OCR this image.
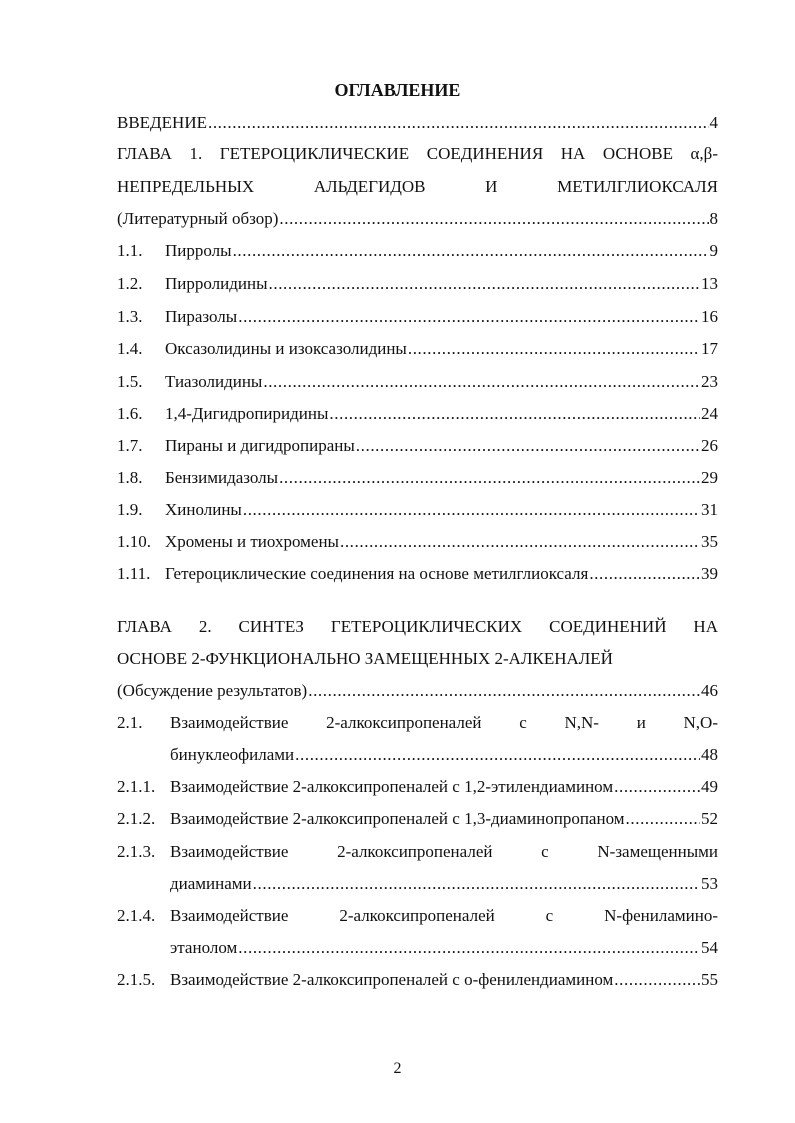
ОГЛАВЛЕНИЕ
ВВЕДЕНИЕ .....	4
ГЛАВА 1. ГЕТЕРОЦИКЛИЧЕСКИЕ СОЕДИНЕНИЯ НА ОСНОВЕ α,β-
НЕПРЕДЕЛЬНЫХ АЛЬДЕГИДОВ И МЕТИЛГЛИОКСАЛЯ
(Литературный обзор) .....	8
1.1.	Пирролы .....	9
1.2.	Пирролидины .....	13
1.3.	Пиразолы .....	16
1.4.	Оксазолидины и изоксазолидины .....	17
1.5.	Тиазолидины .....	23
1.6.	1,4-Дигидропиридины .....	24
1.7.	Пираны и дигидропираны .....	26
1.8.	Бензимидазолы .....	29
1.9.	Хинолины .....	31
1.10. Хромены и тиохромены .....	35
1.11. Гетероциклические соединения на основе метилглиоксаля .....	39
ГЛАВА 2. СИНТЕЗ ГЕТЕРОЦИКЛИЧЕСКИХ СОЕДИНЕНИЙ НА
ОСНОВЕ 2-ФУНКЦИОНАЛЬНО ЗАМЕЩЕННЫХ 2-АЛКЕНАЛЕЙ
(Обсуждение результатов) .....	46
2.1.	Взаимодействие 2-алкоксипропеналей с N,N- и N,O-
бинуклеофилами .....	48
2.1.1. Взаимодействие 2-алкоксипропеналей с 1,2-этилендиамином .....	49
2.1.2. Взаимодействие 2-алкоксипропеналей с 1,3-диаминопропаном .....	52
2.1.3. Взаимодействие 2-алкоксипропеналей с N-замещенными
диаминами .....	53
2.1.4. Взаимодействие 2-алкоксипропеналей с N-фениламино-
этанолом .....	54
2.1.5. Взаимодействие 2-алкоксипропеналей с о-фенилендиамином .....	55
2
